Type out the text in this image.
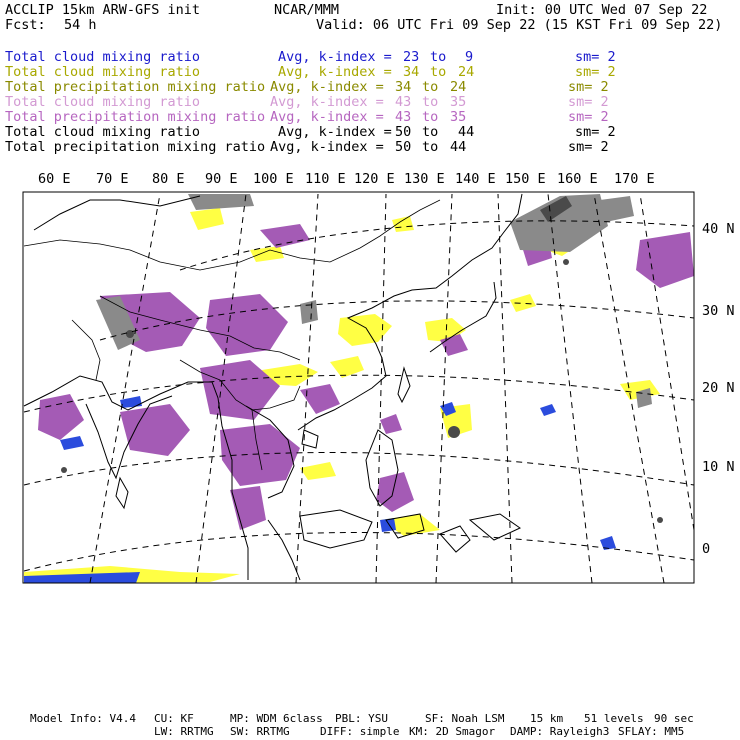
ACCLIP 15km ARW-GFS init	NCAR/MMM	Init: 00 UTC Wed 07 Sep 22
Fcst: 54 h	Valid: 06 UTC Fri 09 Sep 22 (15 KST Fri 09 Sep 22)

Total cloud mixing ratio	Avg, k-index = 23 to 9	sm= 2

Total cloud mixing ratio	Avg, k-index = 34 to 24	sm= 2

Total precipitation mixing ratio Avg, k-index = 34 to 24	sm= 2

Total cloud mixing ratio	Avg, k-index = 43 to 35	sm= 2

Total precipitation mixing ratio Avg, k-index = 43 to 35	sm= 2

Total cloud mixing ratio	Avg, k-index = 50 to 44	sm= 2

Total precipitation mixing ratio Avg, k-index = 50 to 44	sm= 2

60 E 70 E 80 E 90 E 100 E 110 E 120 E 130 E 140 E 150 E 160 E 170 E
40 N
30 N
20 N
10 N
0
Model Info: V4.4 CU: KF	MP: WDM 6class PBL: YSU	SF: Noah LSM 15 km 51 levels 90 sec
LW: RRTMG SW: RRTMG	DIFF: simple KM: 2D Smagor DAMP: Rayleigh3 SFLAY: MM5
